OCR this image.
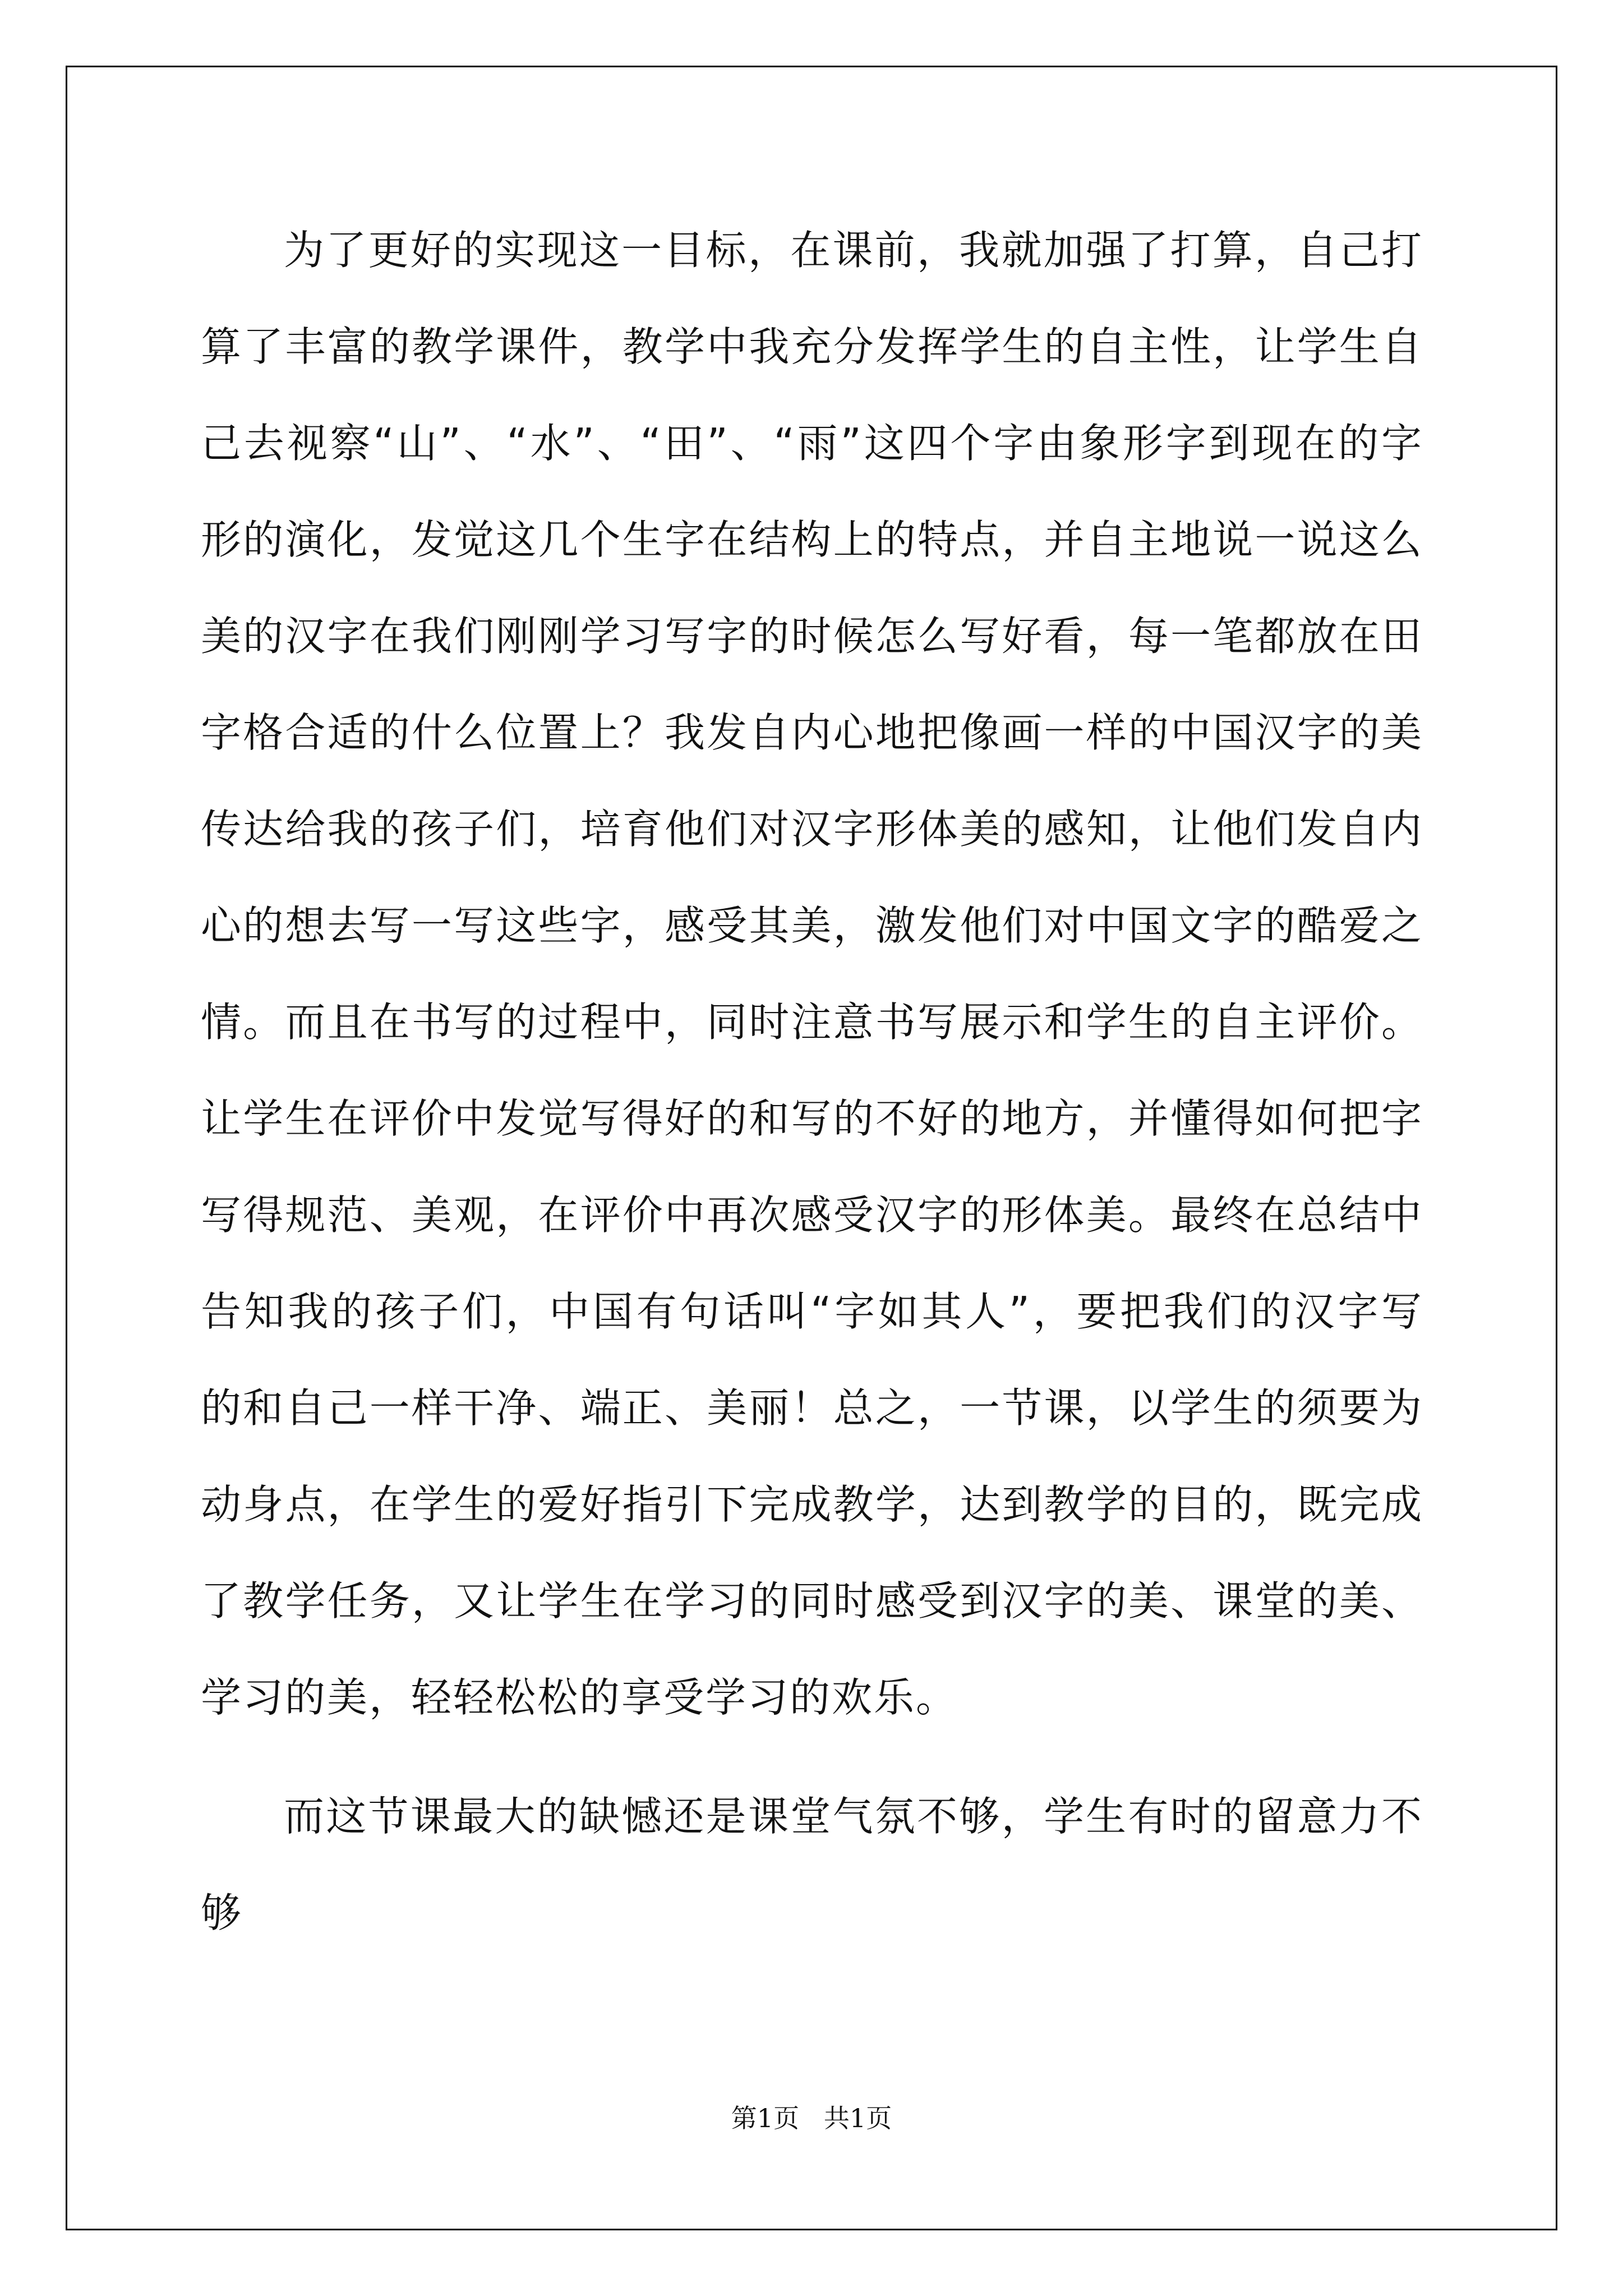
为了更好的实现这一目标，在课前，我就加强了打算，自己打算了丰富的教学课件，教学中我充分发挥学生的自主性，让学生自己去视察“山”、“水”、“田”、“雨”这四个字由象形字到现在的字形的演化，发觉这几个生字在结构上的特点，并自主地说一说这么美的汉字在我们刚刚学习写字的时候怎么写好看，每一笔都放在田字格合适的什么位置上？我发自内心地把像画一样的中国汉字的美传达给我的孩子们，培育他们对汉字形体美的感知，让他们发自内心的想去写一写这些字，感受其美，激发他们对中国文字的酷爱之情。而且在书写的过程中，同时注意书写展示和学生的自主评价。让学生在评价中发觉写得好的和写的不好的地方，并懂得如何把字写得规范、美观，在评价中再次感受汉字的形体美。最终在总结中告知我的孩子们，中国有句话叫“字如其人”，要把我们的汉字写的和自己一样干净、端正、美丽！总之，一节课，以学生的须要为动身点，在学生的爱好指引下完成教学，达到教学的目的，既完成了教学任务，又让学生在学习的同时感受到汉字的美、课堂的美、学习的美，轻轻松松的享受学习的欢乐。

而这节课最大的缺憾还是课堂气氛不够，学生有时的留意力不够

第1页   共1页
